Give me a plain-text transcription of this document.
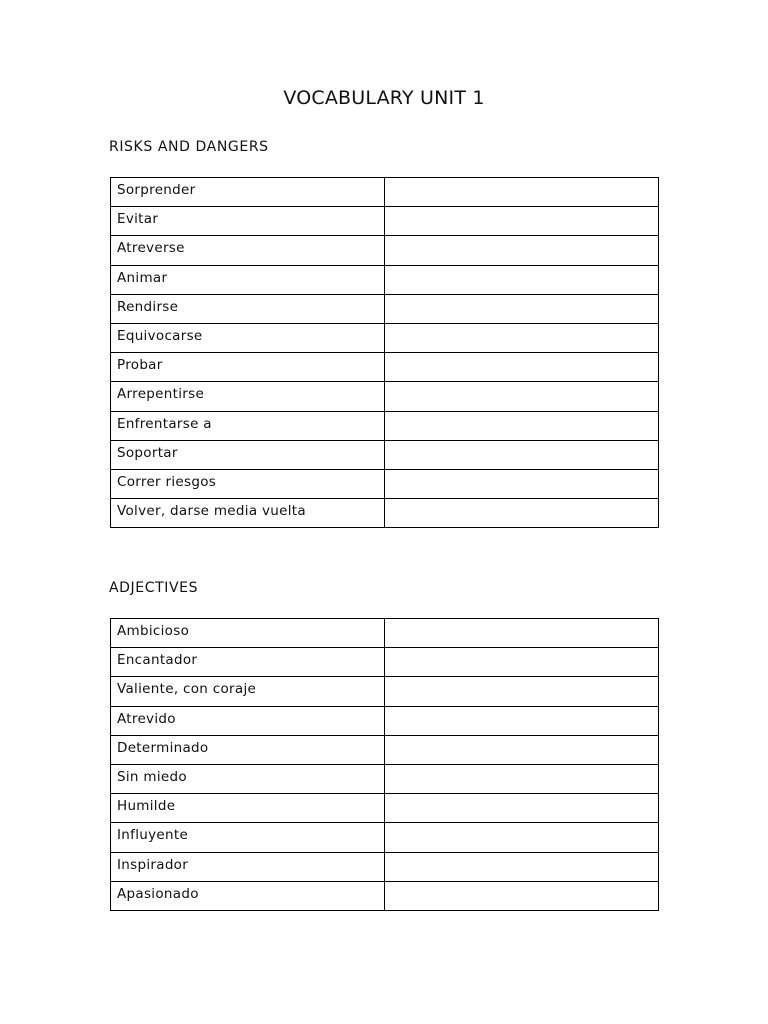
VOCABULARY UNIT 1
RISKS AND DANGERS
Sorprender	
Evitar	
Atreverse	
Animar	
Rendirse	
Equivocarse	
Probar	
Arrepentirse	
Enfrentarse a	
Soportar	
Correr riesgos	
Volver, darse media vuelta	
ADJECTIVES
Ambicioso	
Encantador	
Valiente, con coraje	
Atrevido	
Determinado	
Sin miedo	
Humilde	
Influyente	
Inspirador	
Apasionado	
